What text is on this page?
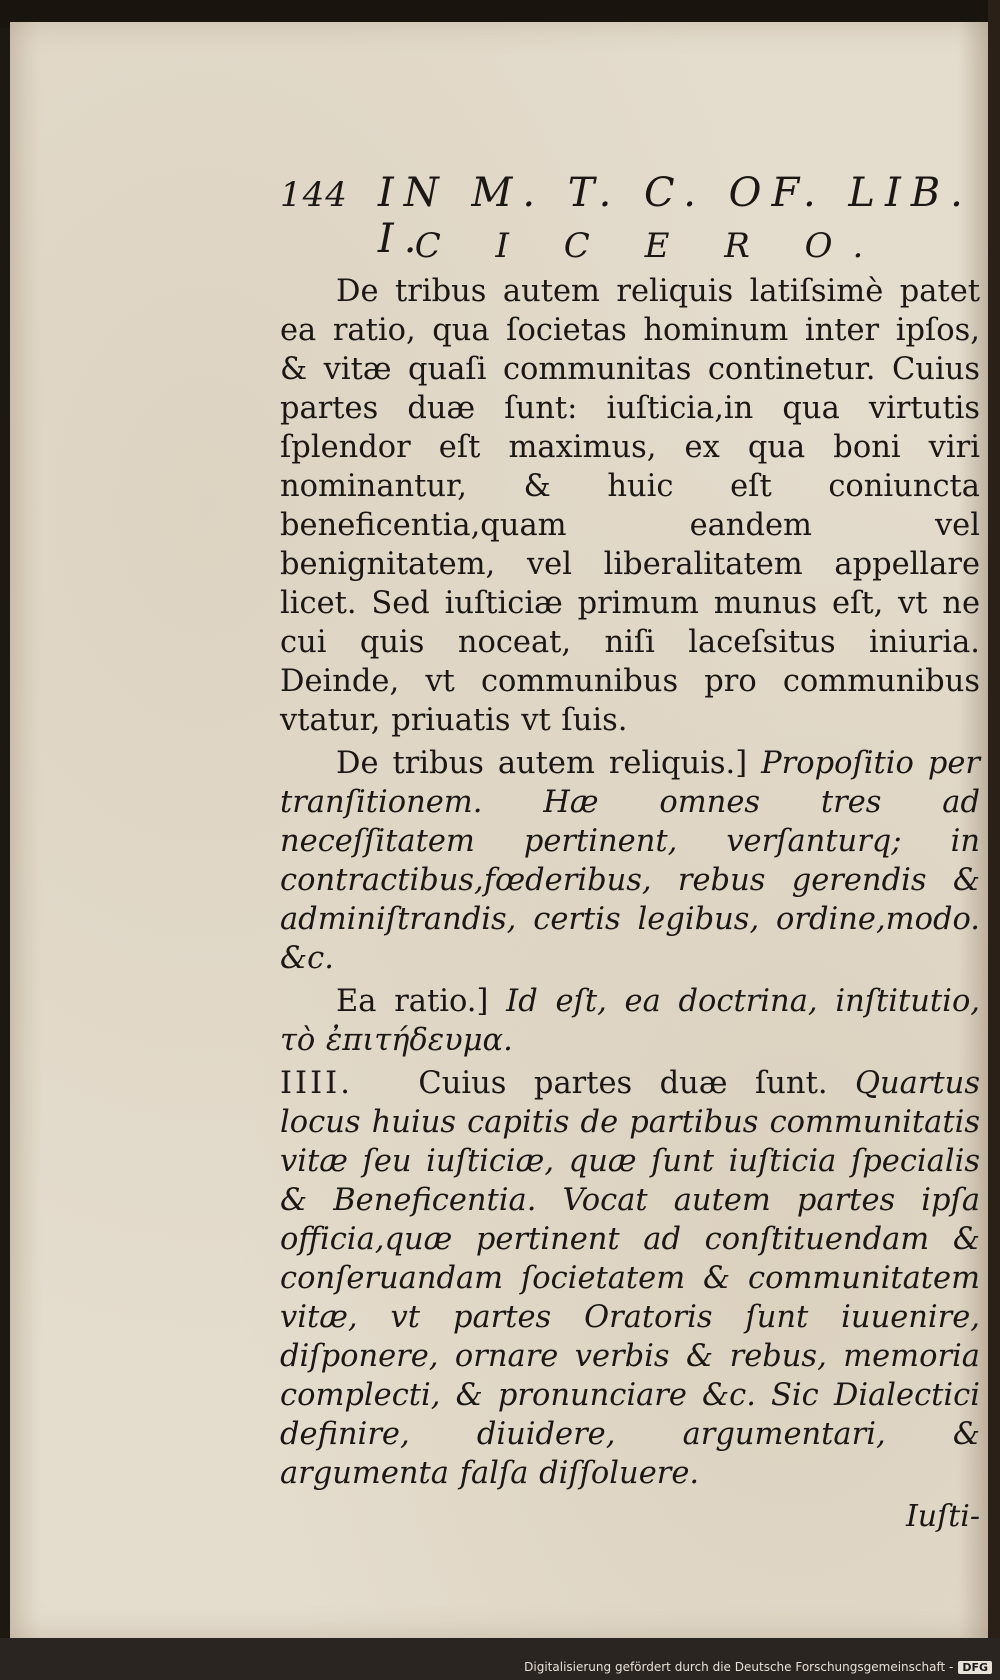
144 IN M. T. C. OF. LIB. I.
C I C E R O.

De tribus autem reliquis latiſsimè patet ea ratio, qua ſocietas hominum inter ipſos, & vitæ quaſi communitas continetur. Cuius partes duæ ſunt: iuſticia,in qua virtutis ſplendor eſt maximus, ex qua boni viri nominantur, & huic eſt coniuncta beneficentia,quam eandem vel benignitatem, vel liberalitatem appellare licet. Sed iuſticiæ primum munus eſt, vt ne cui quis noceat, niſi laceſsitus iniuria. Deinde, vt communibus pro communibus vtatur, priuatis vt ſuis.

De tribus autem reliquis.] Propoſitio per tranſitionem. Hæ omnes tres ad neceſſitatem pertinent, verſanturq; in contractibus,fœderibus, rebus gerendis & adminiſtrandis, certis legibus, ordine,modo. &c.

Ea ratio.] Id eſt, ea doctrina, inſtitutio, τὸ ἐπιτήδευμα.

IIII. Cuius partes duæ ſunt. Quartus locus huius capitis de partibus communitatis vitæ ſeu iuſticiæ, quæ ſunt iuſticia ſpecialis & Beneficentia. Vocat autem partes ipſa officia,quæ pertinent ad conſtituendam & conſeruandam ſocietatem & communitatem vitæ, vt partes Oratoris ſunt iuuenire, diſponere, ornare verbis & rebus, memoria complecti, & pronunciare &c. Sic Dialectici definire, diuidere, argumentari, & argumenta falſa diſſoluere.

Iuſti-
Digitalisierung gefördert durch die Deutsche Forschungsgemeinschaft - DFG
